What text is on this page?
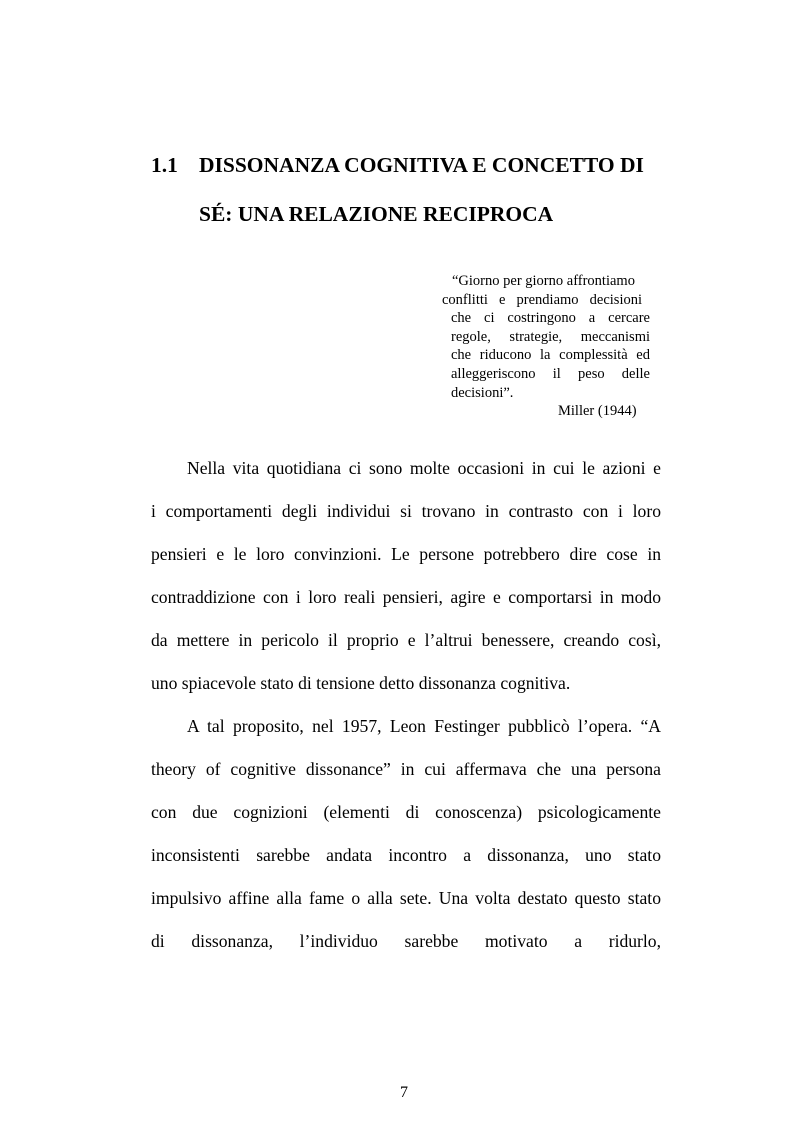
1.1 DISSONANZA COGNITIVA E CONCETTO DI
SÉ: UNA RELAZIONE RECIPROCA
“Giorno per giorno affrontiamo
conflitti e prendiamo decisioni
che ci costringono a cercare
regole, strategie, meccanismi
che riducono la complessità ed
alleggeriscono il peso delle
decisioni”.
Miller (1944)
Nella vita quotidiana ci sono molte occasioni in cui le azioni e
i comportamenti degli individui si trovano in contrasto con i loro
pensieri e le loro convinzioni. Le persone potrebbero dire cose in
contraddizione con i loro reali pensieri, agire e comportarsi in modo
da mettere in pericolo il proprio e l’altrui benessere, creando così,
uno spiacevole stato di tensione detto dissonanza cognitiva.
A tal proposito, nel 1957, Leon Festinger pubblicò l’opera. “A
theory of cognitive dissonance” in cui affermava che una persona
con due cognizioni (elementi di conoscenza) psicologicamente
inconsistenti sarebbe andata incontro a dissonanza, uno stato
impulsivo affine alla fame o alla sete. Una volta destato questo stato
di dissonanza, l’individuo sarebbe motivato a ridurlo,
7
